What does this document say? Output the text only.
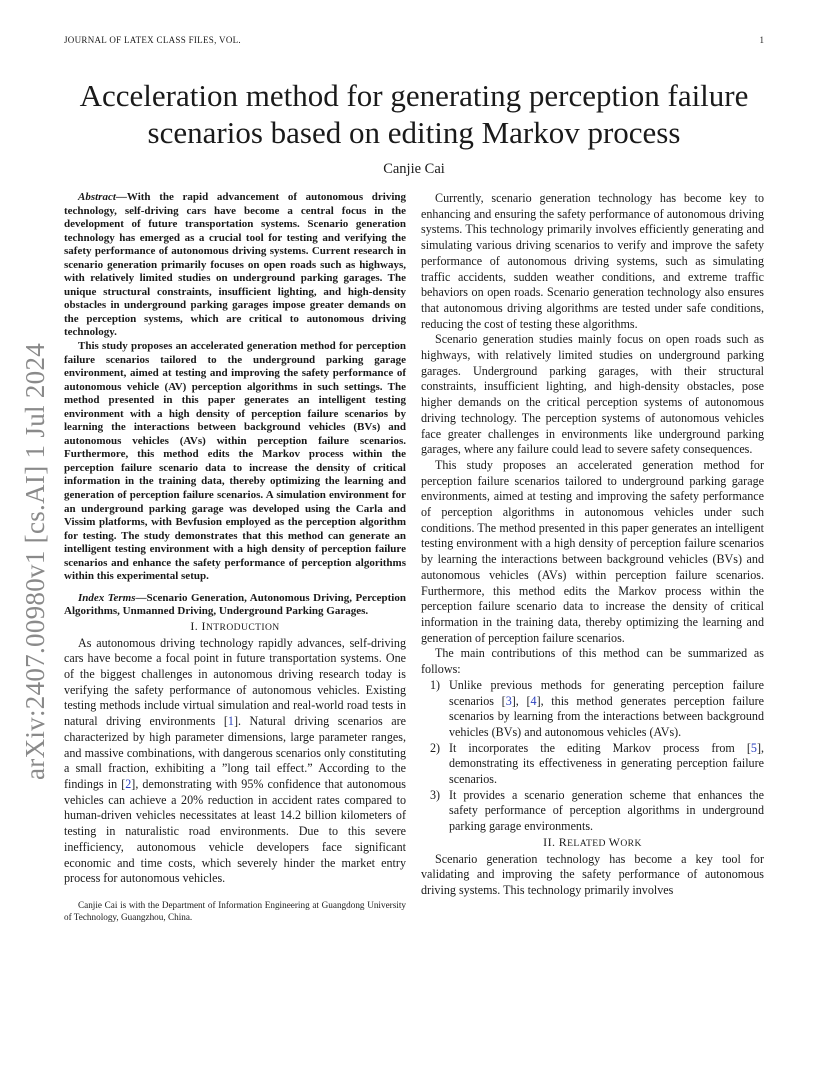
JOURNAL OF LATEX CLASS FILES, VOL.	1
arXiv:2407.00980v1 [cs.AI] 1 Jul 2024
Acceleration method for generating perception failure scenarios based on editing Markov process
Canjie Cai

Abstract—With the rapid advancement of autonomous driving technology, self-driving cars have become a central focus in the development of future transportation systems. Scenario generation technology has emerged as a crucial tool for testing and verifying the safety performance of autonomous driving systems. Current research in scenario generation primarily focuses on open roads such as highways, with relatively limited studies on underground parking garages. The unique structural constraints, insufficient lighting, and high-density obstacles in underground parking garages impose greater demands on the perception systems, which are critical to autonomous driving technology.

This study proposes an accelerated generation method for perception failure scenarios tailored to the underground parking garage environment, aimed at testing and improving the safety performance of autonomous vehicle (AV) perception algorithms in such settings. The method presented in this paper generates an intelligent testing environment with a high density of perception failure scenarios by learning the interactions between background vehicles (BVs) and autonomous vehicles (AVs) within perception failure scenarios. Furthermore, this method edits the Markov process within the perception failure scenario data to increase the density of critical information in the training data, thereby optimizing the learning and generation of perception failure scenarios. A simulation environment for an underground parking garage was developed using the Carla and Vissim platforms, with Bevfusion employed as the perception algorithm for testing. The study demonstrates that this method can generate an intelligent testing environment with a high density of perception failure scenarios and enhance the safety performance of perception algorithms within this experimental setup.

Index Terms—Scenario Generation, Autonomous Driving, Perception Algorithms, Unmanned Driving, Underground Parking Garages.

I. INTRODUCTION

As autonomous driving technology rapidly advances, self-driving cars have become a focal point in future transportation systems. One of the biggest challenges in autonomous driving research today is verifying the safety performance of autonomous vehicles. Existing testing methods include virtual simulation and real-world road tests in natural driving environments [1]. Natural driving scenarios are characterized by high parameter dimensions, large parameter ranges, and massive combinations, with dangerous scenarios only constituting a small fraction, exhibiting a ”long tail effect.” According to the findings in [2], demonstrating with 95% confidence that autonomous vehicles can achieve a 20% reduction in accident rates compared to human-driven vehicles necessitates at least 14.2 billion kilometers of testing in naturalistic road environments. Due to this severe inefficiency, autonomous vehicle developers face significant economic and time costs, which severely hinder the market entry process for autonomous vehicles.

Canjie Cai is with the Department of Information Engineering at Guangdong University of Technology, Guangzhou, China.

Currently, scenario generation technology has become key to enhancing and ensuring the safety performance of autonomous driving systems. This technology primarily involves efficiently generating and simulating various driving scenarios to verify and improve the safety performance of autonomous driving systems, such as simulating traffic accidents, sudden weather conditions, and extreme traffic behaviors on open roads. Scenario generation technology also ensures that autonomous driving algorithms are tested under safe conditions, reducing the cost of testing these algorithms.

Scenario generation studies mainly focus on open roads such as highways, with relatively limited studies on underground parking garages. Underground parking garages, with their structural constraints, insufficient lighting, and high-density obstacles, pose higher demands on the critical perception systems of autonomous driving technology. The perception systems of autonomous vehicles face greater challenges in environments like underground parking garages, where any failure could lead to severe safety consequences.

This study proposes an accelerated generation method for perception failure scenarios tailored to underground parking garage environments, aimed at testing and improving the safety performance of perception algorithms in autonomous vehicles under such conditions. The method presented in this paper generates an intelligent testing environment with a high density of perception failure scenarios by learning the interactions between background vehicles (BVs) and autonomous vehicles (AVs) within perception failure scenarios. Furthermore, this method edits the Markov process within the perception failure scenario data to increase the density of critical information in the training data, thereby optimizing the learning and generation of perception failure scenarios.

The main contributions of this method can be summarized as follows:

1) Unlike previous methods for generating perception failure scenarios [3], [4], this method generates perception failure scenarios by learning from the interactions between background vehicles (BVs) and autonomous vehicles (AVs).
2) It incorporates the editing Markov process from [5], demonstrating its effectiveness in generating perception failure scenarios.
3) It provides a scenario generation scheme that enhances the safety performance of perception algorithms in underground parking garage environments.

II. RELATED WORK

Scenario generation technology has become a key tool for validating and improving the safety performance of autonomous driving systems. This technology primarily involves
